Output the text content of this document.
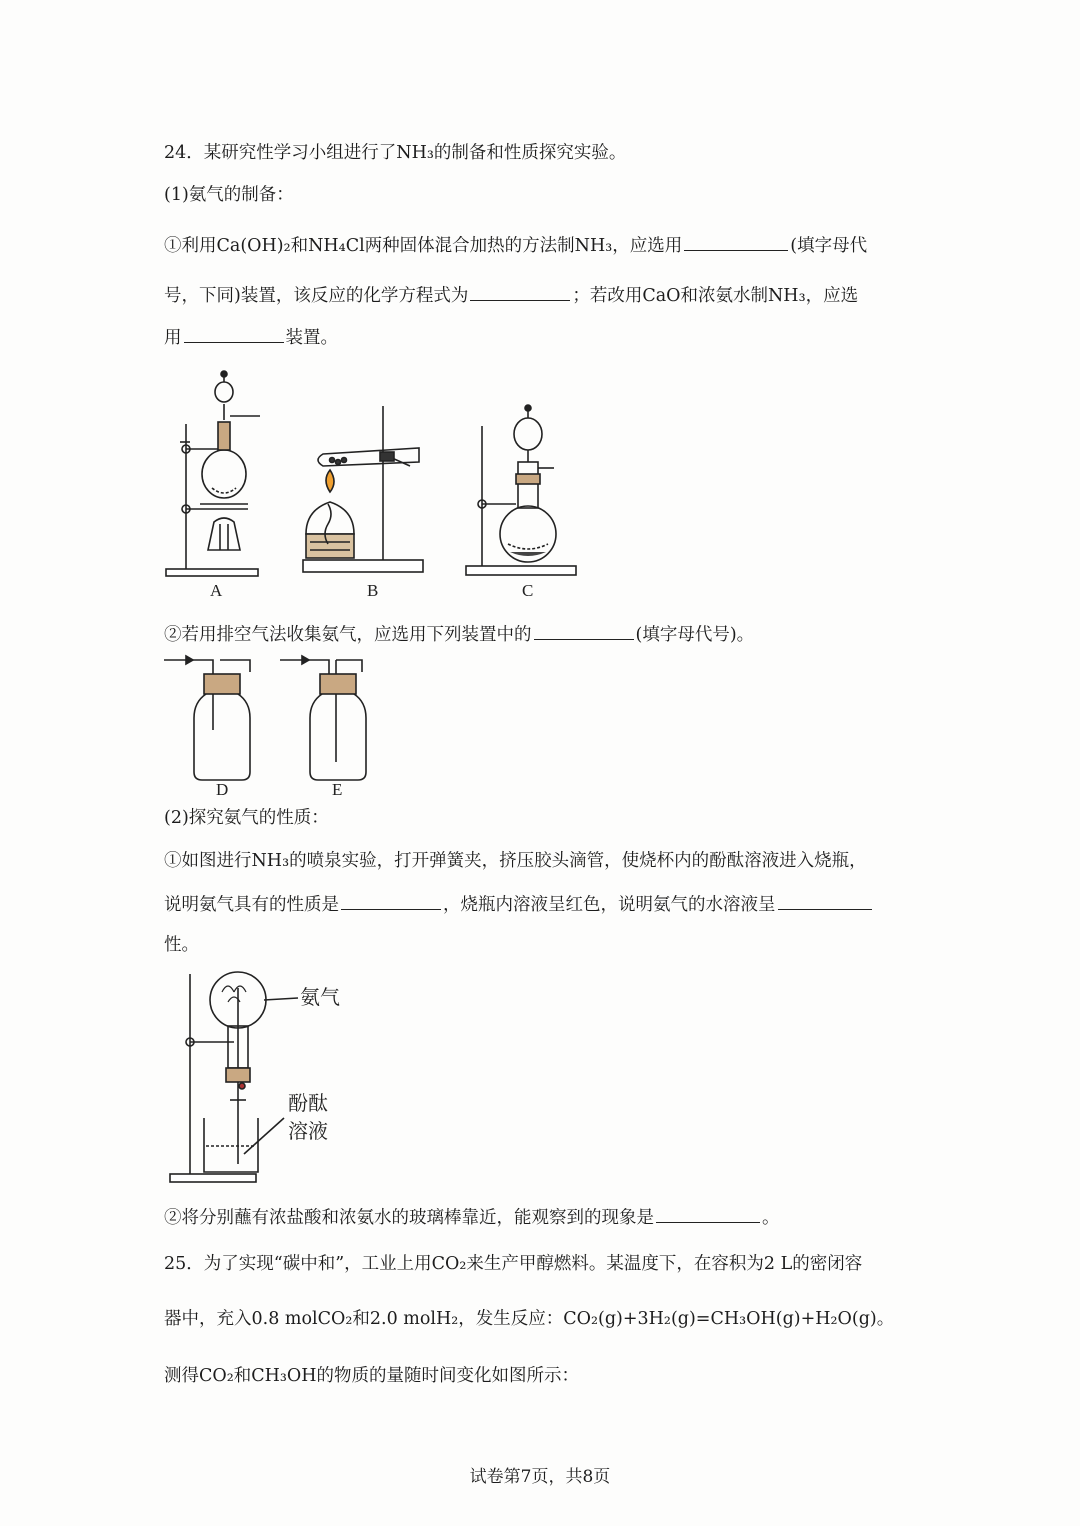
24．某研究性学习小组进行了NH₃的制备和性质探究实验。
(1)氨气的制备：
①利用Ca(OH)₂和NH₄Cl两种固体混合加热的方法制NH₃，应选用	(填字母代
号，下同)装置，该反应的化学方程式为	；若改用CaO和浓氨水制NH₃，应选
用	装置。
A	B	C
②若用排空气法收集氨气，应选用下列装置中的	(填字母代号)。
D	E
(2)探究氨气的性质：
①如图进行NH₃的喷泉实验，打开弹簧夹，挤压胶头滴管，使烧杯内的酚酞溶液进入烧瓶，
说明氨气具有的性质是	，烧瓶内溶液呈红色，说明氨气的水溶液呈
性。
氨气
酚酞
溶液
②将分别蘸有浓盐酸和浓氨水的玻璃棒靠近，能观察到的现象是	。
25．为了实现“碳中和”，工业上用CO₂来生产甲醇燃料。某温度下，在容积为2 L的密闭容
器中，充入0.8 molCO₂和2.0 molH₂，发生反应：CO₂(g)+3H₂(g)=CH₃OH(g)+H₂O(g)。
测得CO₂和CH₃OH的物质的量随时间变化如图所示：
试卷第7页，共8页
